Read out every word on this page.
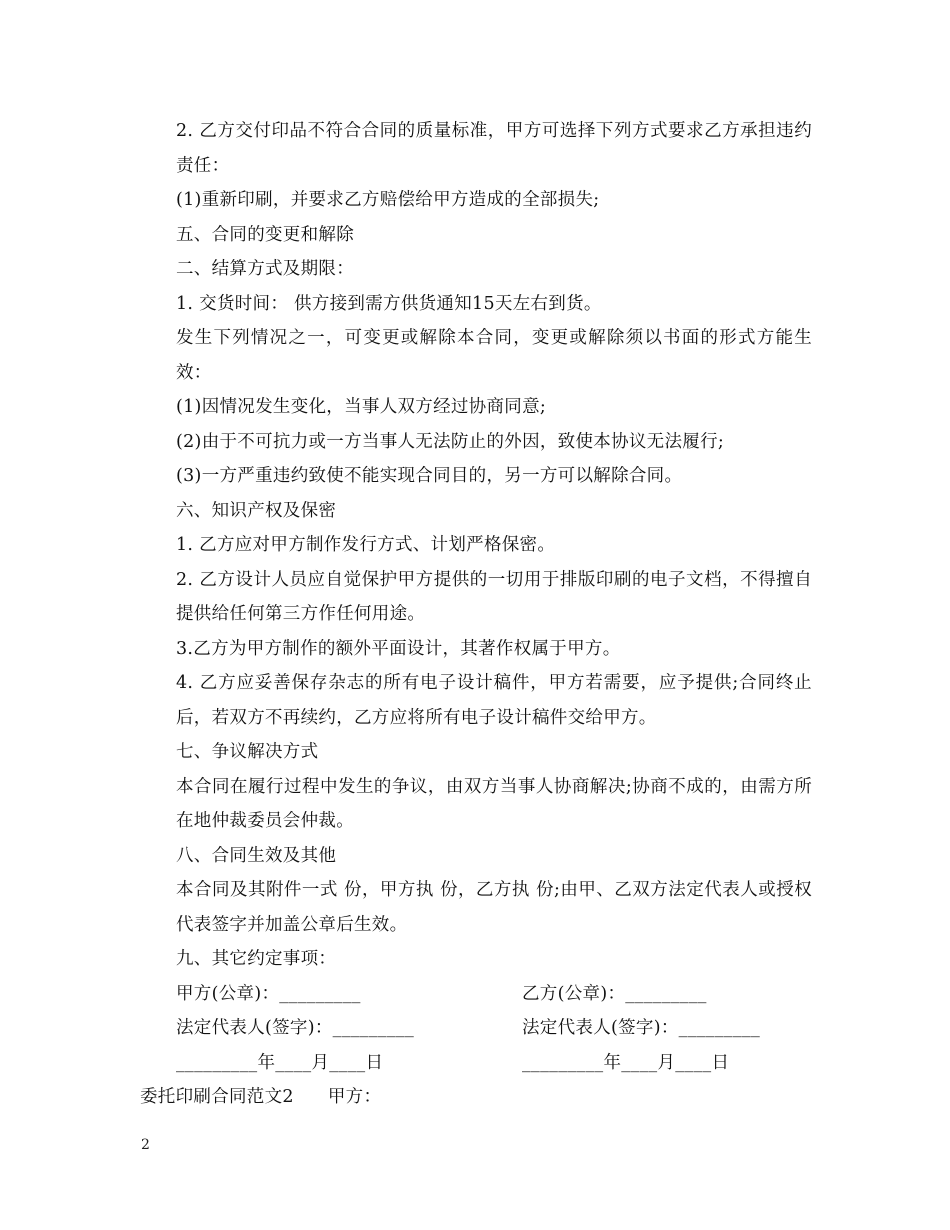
2. 乙方交付印品不符合合同的质量标准，甲方可选择下列方式要求乙方承担违约责任：

(1)重新印刷，并要求乙方赔偿给甲方造成的全部损失;

五、合同的变更和解除

二、结算方式及期限：

1. 交货时间： 供方接到需方供货通知15天左右到货。

发生下列情况之一，可变更或解除本合同，变更或解除须以书面的形式方能生效：

(1)因情况发生变化，当事人双方经过协商同意;

(2)由于不可抗力或一方当事人无法防止的外因，致使本协议无法履行;

(3)一方严重违约致使不能实现合同目的，另一方可以解除合同。

六、知识产权及保密

1. 乙方应对甲方制作发行方式、计划严格保密。

2. 乙方设计人员应自觉保护甲方提供的一切用于排版印刷的电子文档，不得擅自提供给任何第三方作任何用途。

3.乙方为甲方制作的额外平面设计，其著作权属于甲方。

4. 乙方应妥善保存杂志的所有电子设计稿件，甲方若需要，应予提供;合同终止后，若双方不再续约，乙方应将所有电子设计稿件交给甲方。

七、争议解决方式

本合同在履行过程中发生的争议，由双方当事人协商解决;协商不成的，由需方所在地仲裁委员会仲裁。

八、合同生效及其他

本合同及其附件一式 份，甲方执 份，乙方执 份;由甲、乙双方法定代表人或授权代表签字并加盖公章后生效。

九、其它约定事项：

甲方(公章)：_________	乙方(公章)：_________
法定代表人(签字)：_________	法定代表人(签字)：_________
_________年____月____日	_________年____月____日
委托印刷合同范文2 甲方：
2
